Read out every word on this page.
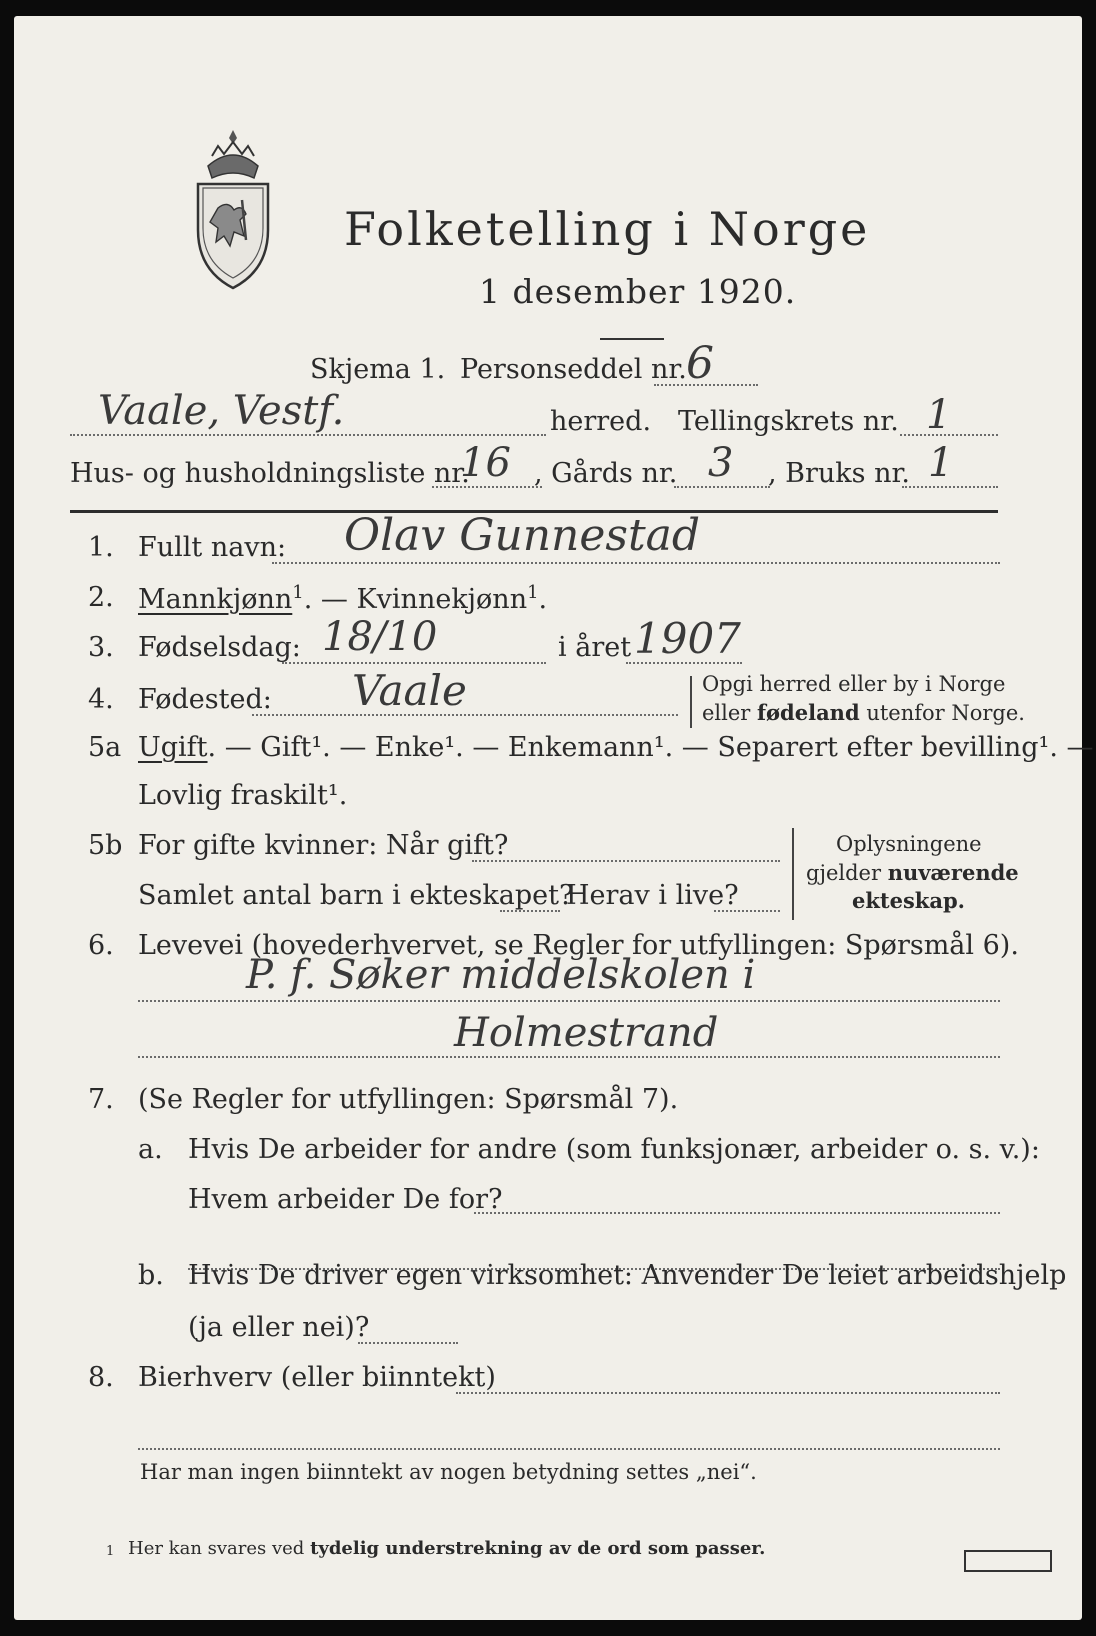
Folketelling i Norge
1 desember 1920.
Skjema 1. Personseddel nr. 6
Vaale, Vestf.	herred. Tellingskrets nr. 1
Hus- og husholdningsliste nr.
16 , Gårds nr. 3 , Bruks nr. 1
1. Fullt navn: Olav Gunnestad
2. Mannkjønn$^1$. — Kvinnekjønn$^1$.
3. Fødselsdag: 18/10	i året 1907
4. Fødested: Vaale	Opgi herred eller by i Norge
eller fødeland utenfor Norge.
5a Ugift. — Gift¹. — Enke¹. — Enkemann¹. — Separert efter bevilling¹. —
Lovlig fraskilt¹.
5b For gifte kvinner: Når gift?
Samlet antal barn i ekteskapet?
Herav i live?
Oplysningene
gjelder nuværende
ekteskap.
6. Levevei (hovederhvervet, se Regler for utfyllingen: Spørsmål 6).
P. f. Søker middelskolen i
Holmestrand
7. (Se Regler for utfyllingen: Spørsmål 7).
a. Hvis De arbeider for andre (som funksjonær, arbeider o. s. v.):
Hvem arbeider De for?
b. Hvis De driver egen virksomhet: Anvender De leiet arbeidshjelp
(ja eller nei)?
8. Bierhverv (eller biinntekt)
Har man ingen biinntekt av nogen betydning settes „nei“.
1 Her kan svares ved tydelig understrekning av de ord som passer.
